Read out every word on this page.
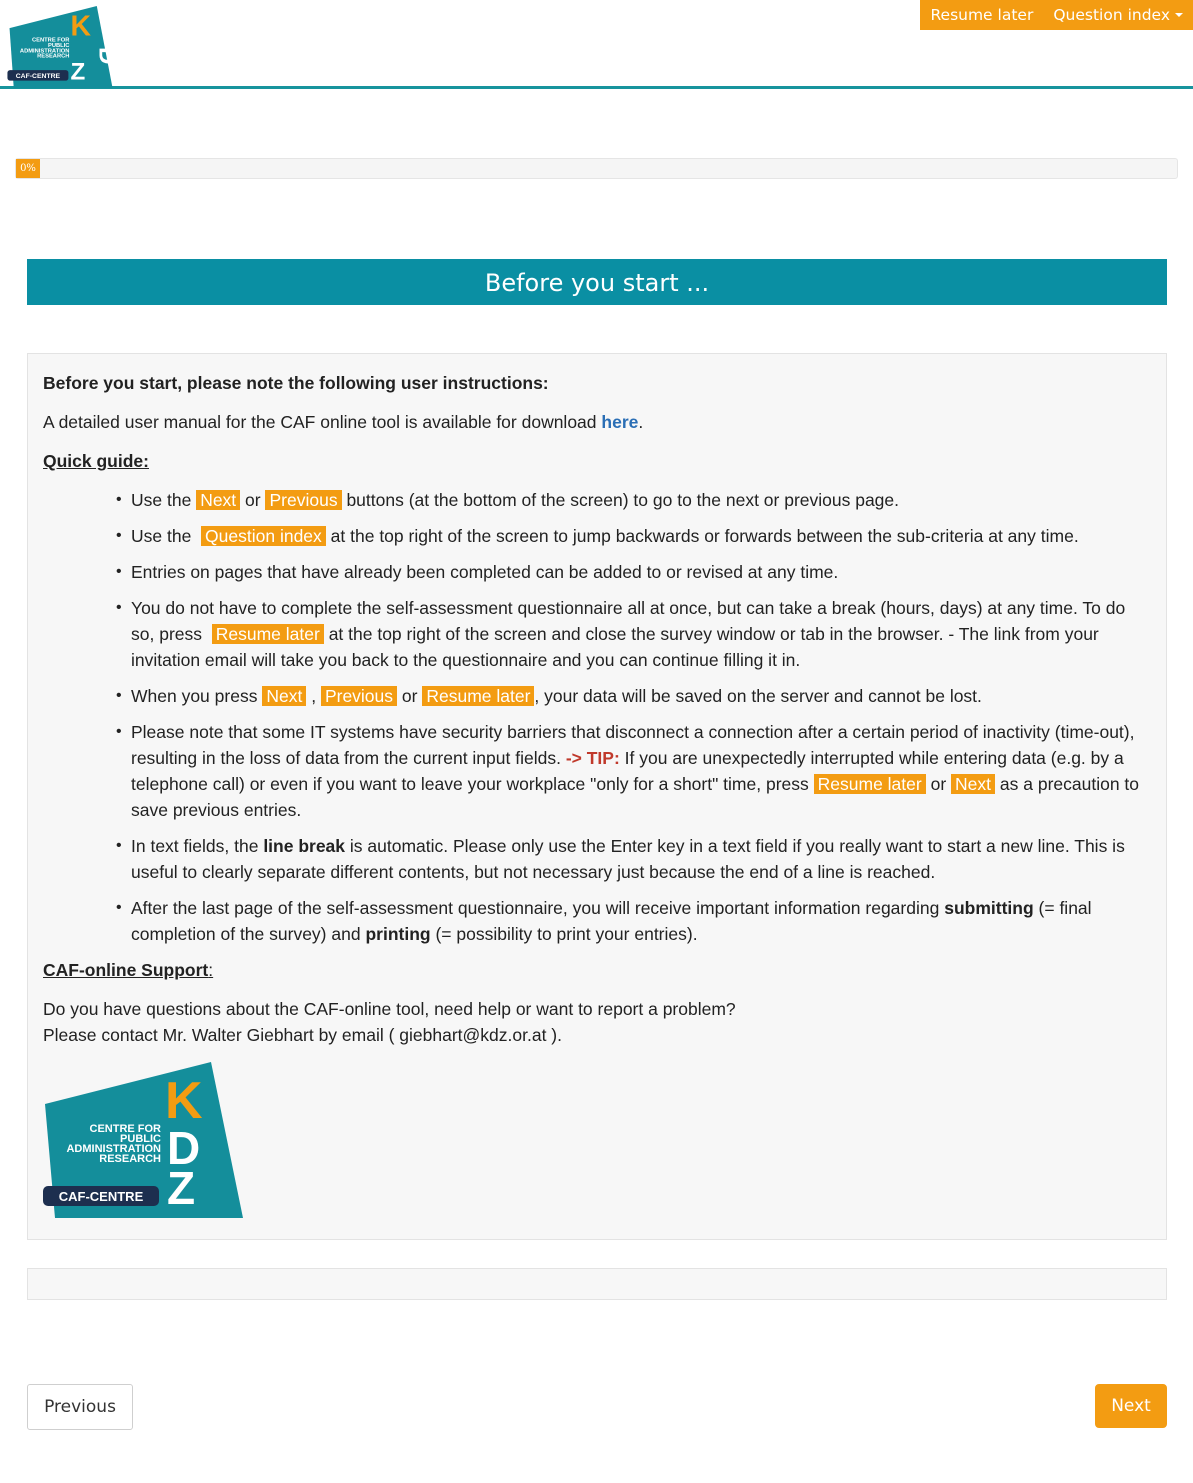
CENTRE FOR
PUBLIC
ADMINISTRATION
RESEARCH
K
D
Z
CAF-CENTRE
Resume later	Question index
0%
Before you start ...
Before you start, please note the following user instructions:
A detailed user manual for the CAF online tool is available for download here.
Quick guide:
• Use the Next or Previous buttons (at the bottom of the screen) to go to the next or previous page.
• Use the Question index at the top right of the screen to jump backwards or forwards between the sub-criteria at any time.
• Entries on pages that have already been completed can be added to or revised at any time.
• You do not have to complete the self-assessment questionnaire all at once, but can take a break (hours, days) at any time. To do so, press Resume later at the top right of the screen and close the survey window or tab in the browser. - The link from your invitation email will take you back to the questionnaire and you can continue filling it in.
• When you press Next , Previous or Resume later , your data will be saved on the server and cannot be lost.
• Please note that some IT systems have security barriers that disconnect a connection after a certain period of inactivity (time-out), resulting in the loss of data from the current input fields. -> TIP: If you are unexpectedly interrupted while entering data (e.g. by a telephone call) or even if you want to leave your workplace "only for a short" time, press Resume later or Next as a precaution to save previous entries.
• In text fields, the line break is automatic. Please only use the Enter key in a text field if you really want to start a new line. This is useful to clearly separate different contents, but not necessary just because the end of a line is reached.
• After the last page of the self-assessment questionnaire, you will receive important information regarding submitting (= final completion of the survey) and printing (= possibility to print your entries).
CAF-online Support:
Do you have questions about the CAF-online tool, need help or want to report a problem?
Please contact Mr. Walter Giebhart by email ( giebhart@kdz.or.at ).
CENTRE FOR
PUBLIC
ADMINISTRATION
RESEARCH
K
D
Z
CAF-CENTRE
Previous	Next
